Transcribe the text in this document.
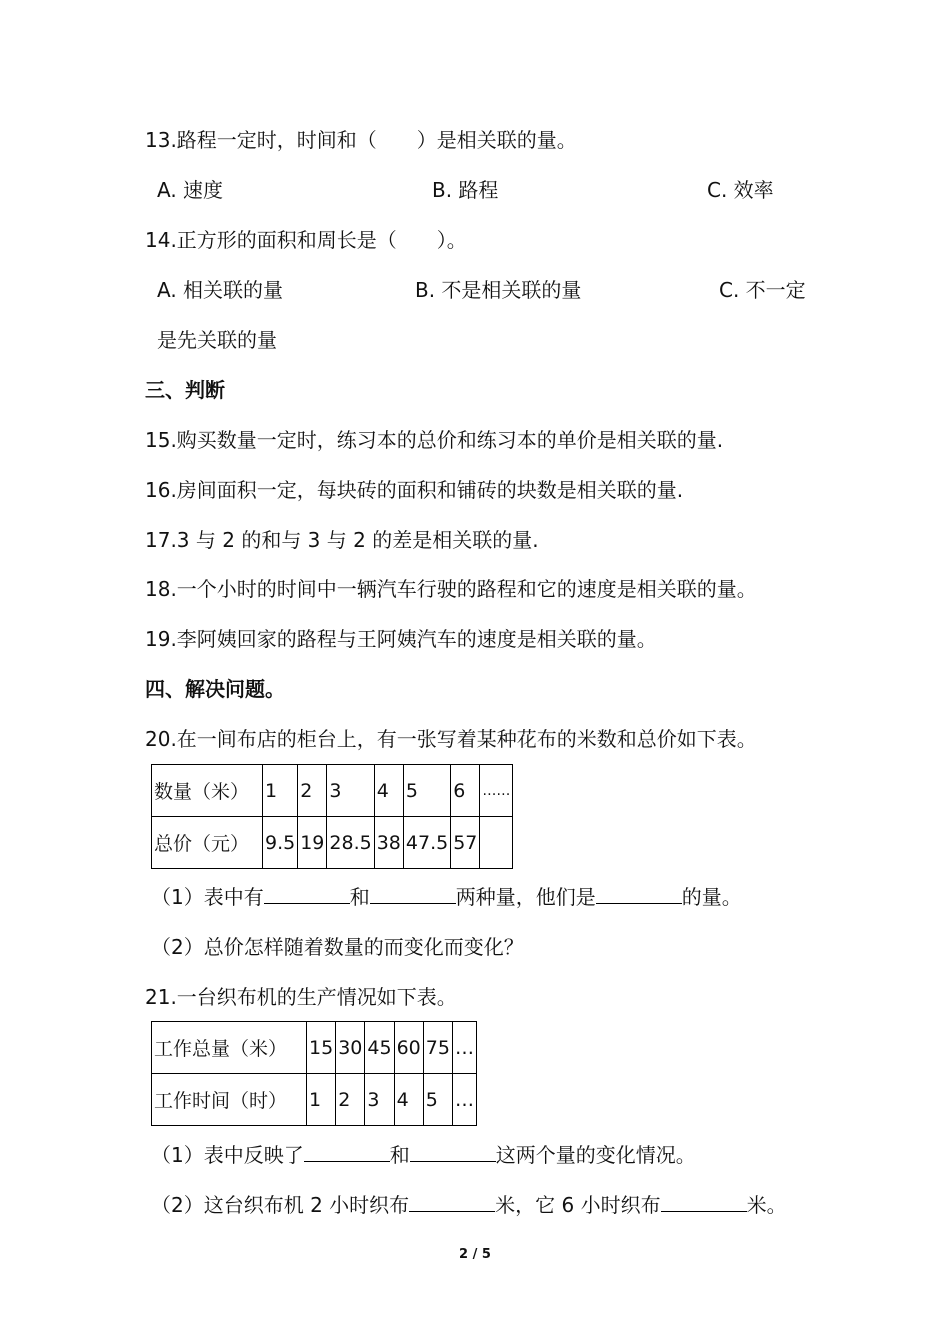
13.路程一定时，时间和（　　）是相关联的量。
A. 速度	B. 路程	C. 效率
14.正方形的面积和周长是（　　）。
A. 相关联的量	B. 不是相关联的量	C. 不一定
是先关联的量
三、判断
15.购买数量一定时，练习本的总价和练习本的单价是相关联的量.
16.房间面积一定，每块砖的面积和铺砖的块数是相关联的量.
17.3 与 2 的和与 3 与 2 的差是相关联的量.
18.一个小时的时间中一辆汽车行驶的路程和它的速度是相关联的量。
19.李阿姨回家的路程与王阿姨汽车的速度是相关联的量。
四、解决问题。
20.在一间布店的柜台上，有一张写着某种花布的米数和总价如下表。
数量（米）	1	2	3	4	5	6	……
总价（元）	9.5	19	28.5	38	47.5	57	
（1）表中有	和	两种量，他们是	的量。
（2）总价怎样随着数量的而变化而变化？
21.一台织布机的生产情况如下表。
工作总量（米）	15	30	45	60	75	…
工作时间（时）	1	2	3	4	5	…
（1）表中反映了	和	这两个量的变化情况。
（2）这台织布机 2 小时织布	米，它 6 小时织布	米。
2 / 5
